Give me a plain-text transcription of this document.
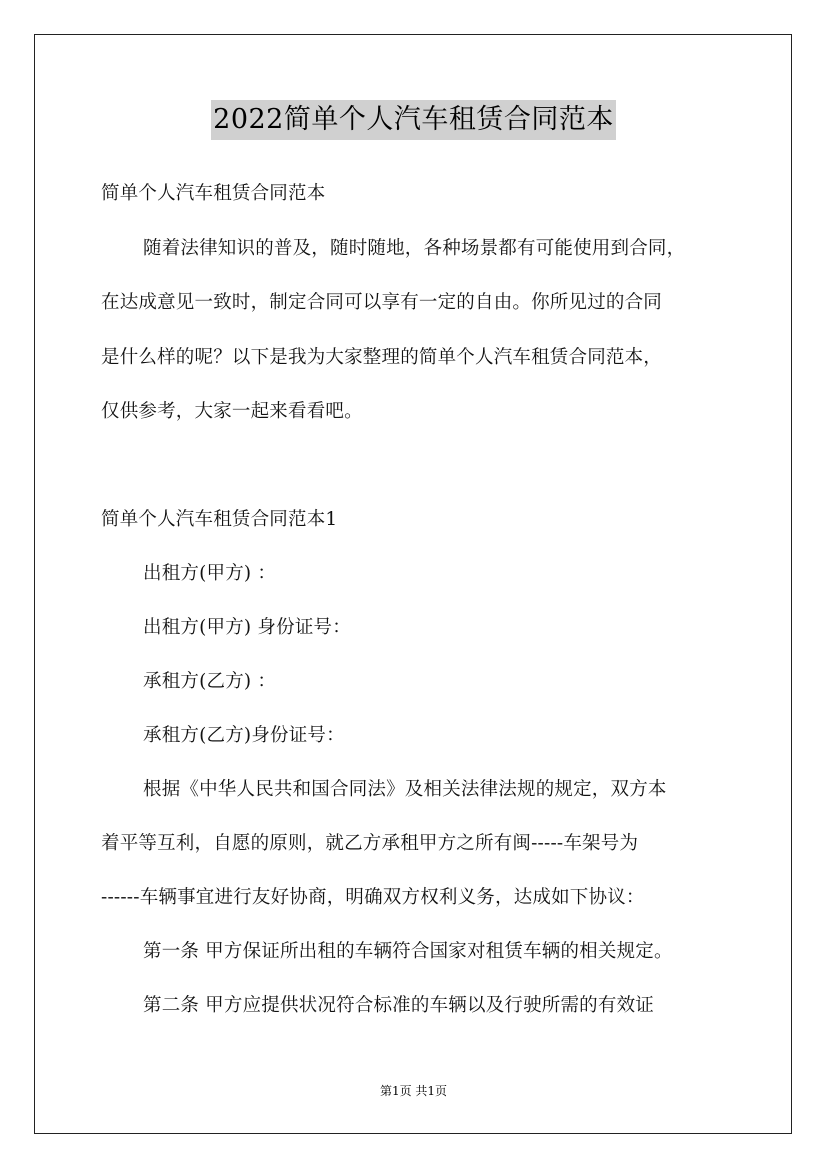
2022简单个人汽车租赁合同范本
简单个人汽车租赁合同范本
随着法律知识的普及，随时随地，各种场景都有可能使用到合同，
在达成意见一致时，制定合同可以享有一定的自由。你所见过的合同
是什么样的呢？以下是我为大家整理的简单个人汽车租赁合同范本，
仅供参考，大家一起来看看吧。
简单个人汽车租赁合同范本1
出租方(甲方) ：
出租方(甲方) 身份证号：
承租方(乙方) ：
承租方(乙方)身份证号：
根据《中华人民共和国合同法》及相关法律法规的规定，双方本
着平等互利，自愿的原则，就乙方承租甲方之所有闽-----车架号为
------车辆事宜进行友好协商，明确双方权利义务，达成如下协议：
第一条 甲方保证所出租的车辆符合国家对租赁车辆的相关规定。
第二条 甲方应提供状况符合标准的车辆以及行驶所需的有效证
第1页 共1页
